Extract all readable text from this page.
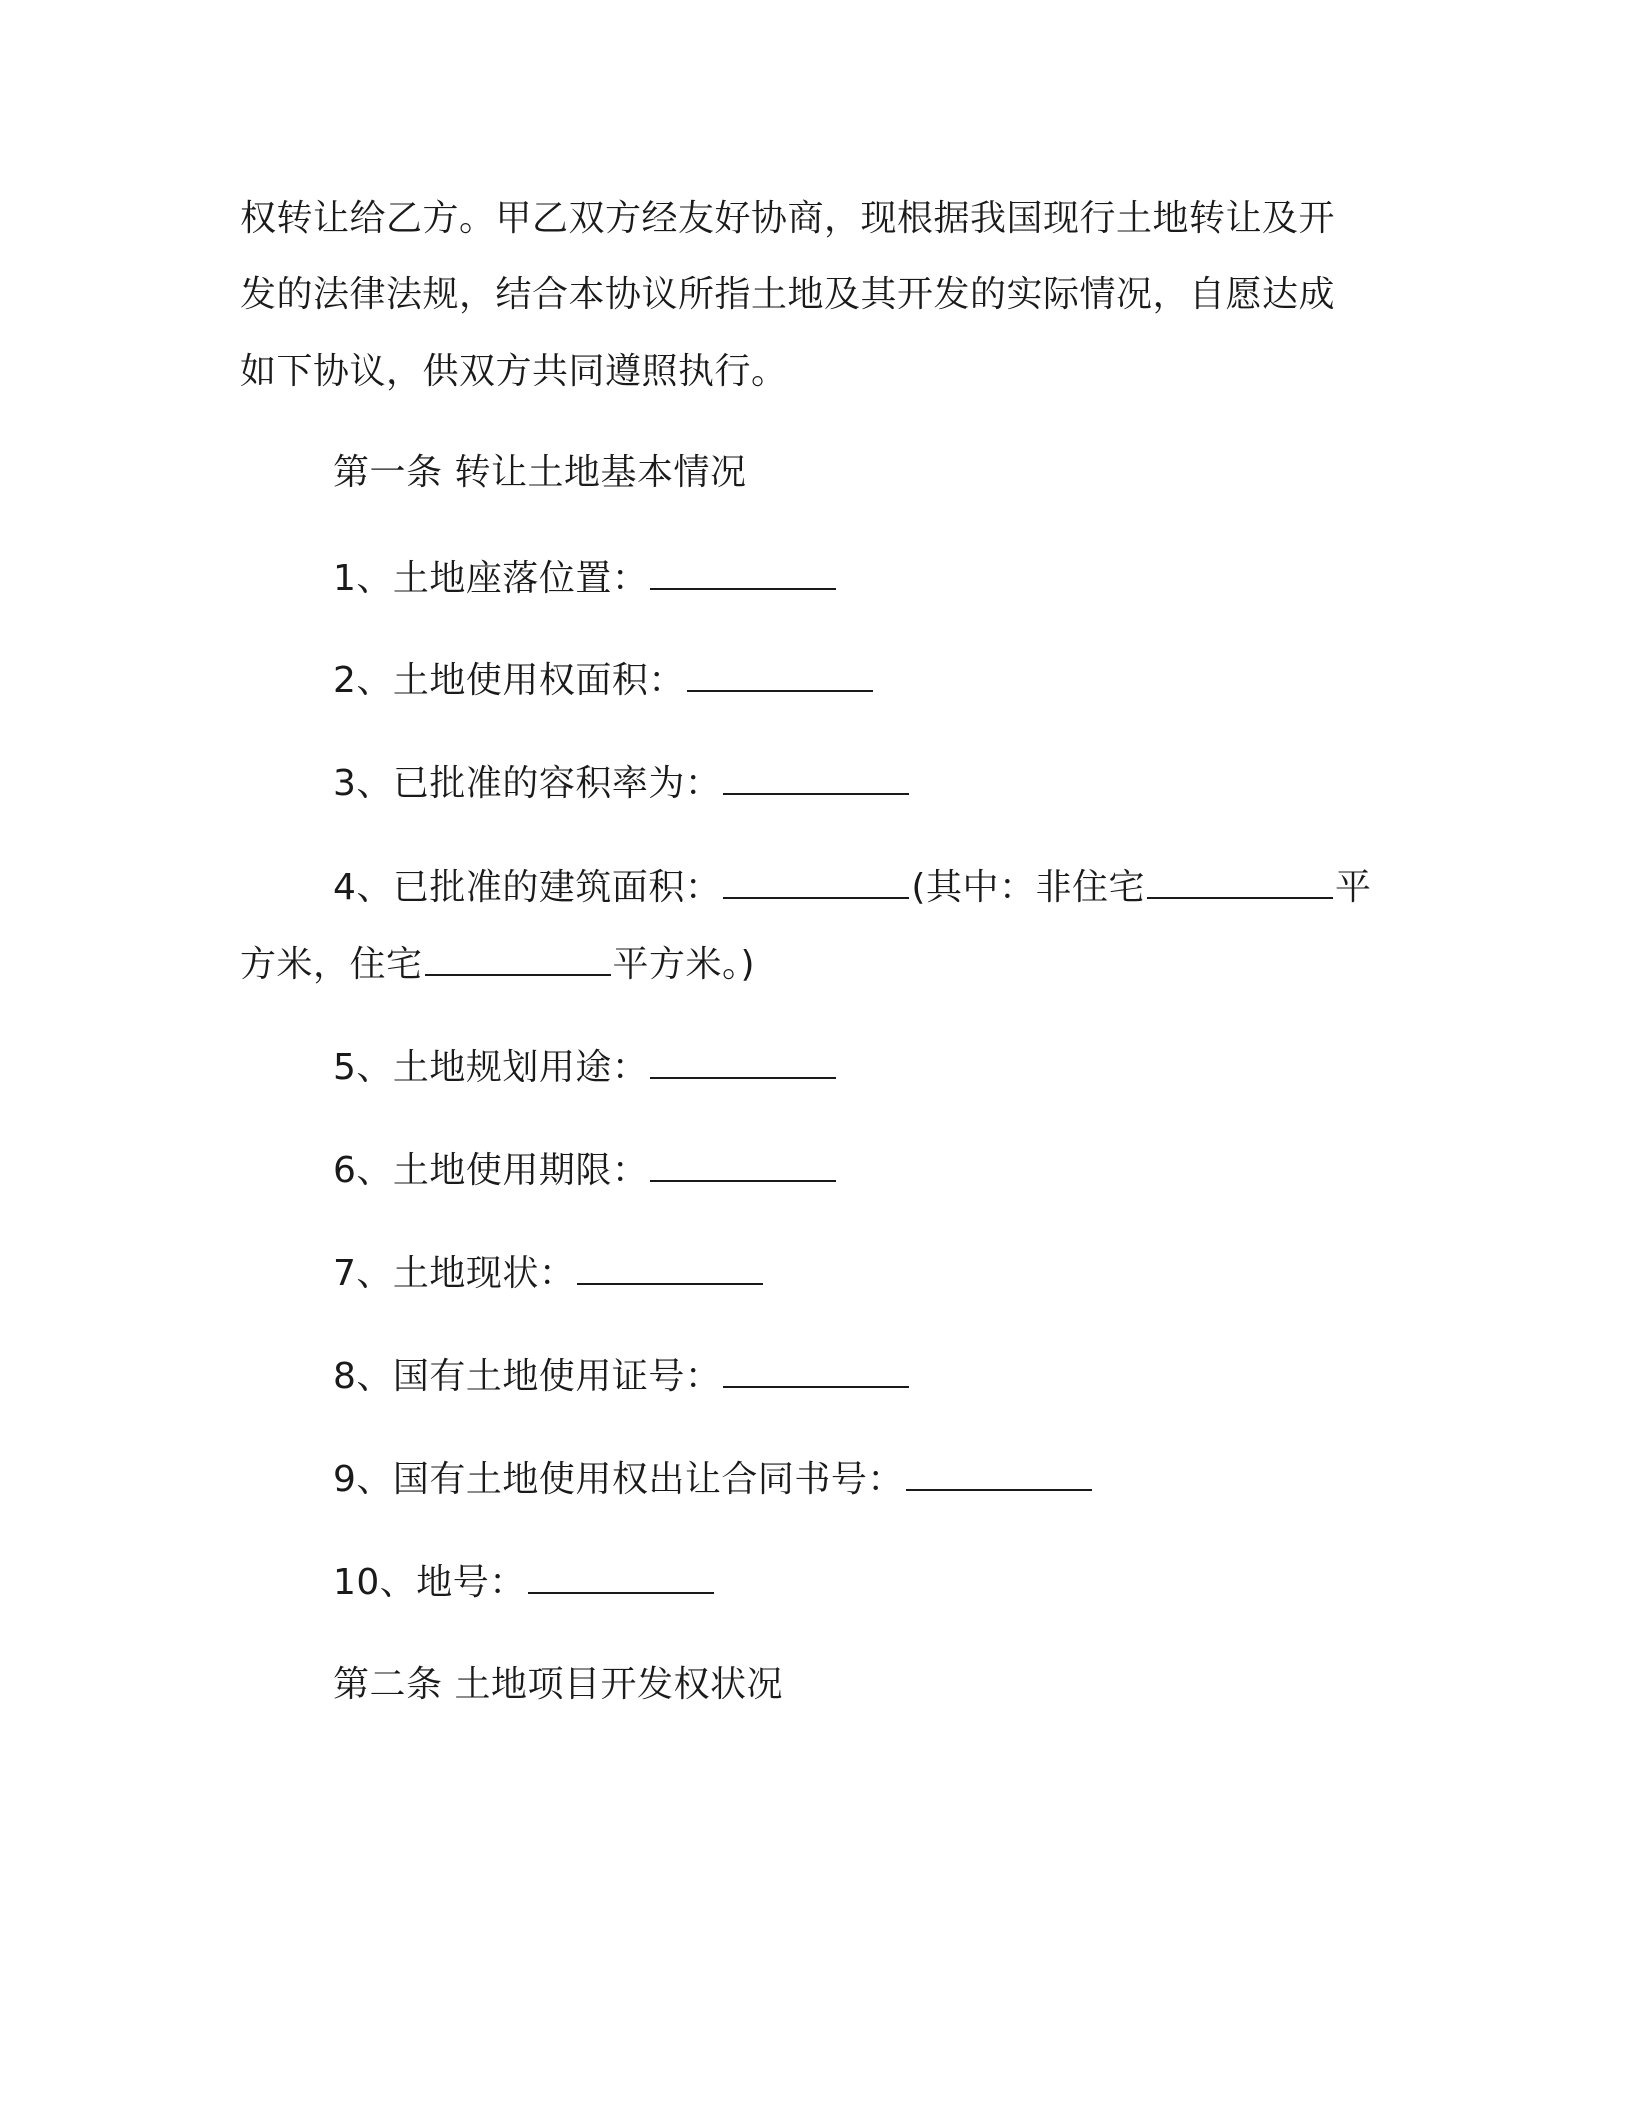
权转让给乙方。甲乙双方经友好协商，现根据我国现行土地转让及开
发的法律法规，结合本协议所指土地及其开发的实际情况，自愿达成
如下协议，供双方共同遵照执行。
第一条 转让土地基本情况
1、土地座落位置：
2、土地使用权面积：
3、已批准的容积率为：
4、已批准的建筑面积：	(其中：非住宅	平
方米，住宅	平方米。)
5、土地规划用途：
6、土地使用期限：
7、土地现状：
8、国有土地使用证号：
9、国有土地使用权出让合同书号：
10、地号：
第二条 土地项目开发权状况
